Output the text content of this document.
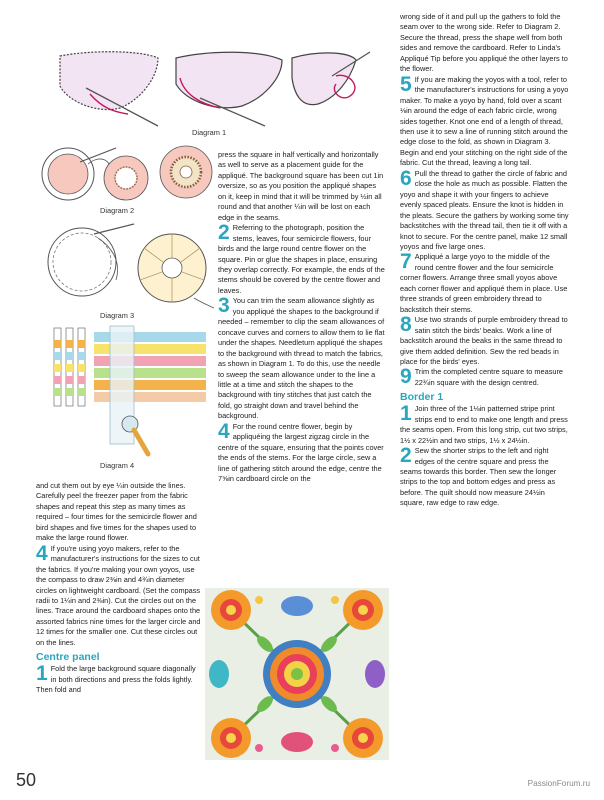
Diagram 1
Diagram 2
Diagram 3
Diagram 4

and cut them out by eye ¼in outside the lines. Carefully peel the freezer paper from the fabric shapes and repeat this step as many times as required – four times for the semicircle flower and bird shapes and five times for the shapes used to make the large round flower.

4 If you're using yoyo makers, refer to the manufacturer's instructions for the sizes to cut the fabrics. If you're making your own yoyos, use the compass to draw 2⅜in and 4¾in diameter circles on lightweight cardboard. (Set the compass radii to 1¼in and 2⅜in). Cut the circles out on the lines. Trace around the cardboard shapes onto the assorted fabrics nine times for the larger circle and 12 times for the smaller one. Cut these circles out on the lines.

Centre panel
1 Fold the large background square diagonally in both directions and press the folds lightly. Then fold and

press the square in half vertically and horizontally as well to serve as a placement guide for the appliqué. The background square has been cut 1in oversize, so as you position the appliqué shapes on it, keep in mind that it will be trimmed by ½in all round and that another ¼in will be lost on each edge in the seams.

2 Referring to the photograph, position the stems, leaves, four semicircle flowers, four birds and the large round centre flower on the square. Pin or glue the shapes in place, ensuring they overlap correctly. For example, the ends of the stems should be covered by the centre flower and leaves.

3 You can trim the seam allowance slightly as you appliqué the shapes to the background if needed – remember to clip the seam allowances of concave curves and corners to allow them to lie flat under the shapes. Needleturn appliqué the shapes to the background with thread to match the fabrics, as shown in Diagram 1. To do this, use the needle to sweep the seam allowance under to the line a little at a time and stitch the shapes to the background with tiny stitches that just catch the fold, go straight down and travel behind the background.

4 For the round centre flower, begin by appliquéing the largest zigzag circle in the centre of the square, ensuring that the points cover the ends of the stems. For the large circle, sew a line of gathering stitch around the edge, centre the 7⅝in cardboard circle on the

wrong side of it and pull up the gathers to fold the seam over to the wrong side. Refer to Diagram 2. Secure the thread, press the shape well from both sides and remove the cardboard. Refer to Linda's Appliqué Tip before you appliqué the other layers to the flower.

5 If you are making the yoyos with a tool, refer to the manufacturer's instructions for using a yoyo maker. To make a yoyo by hand, fold over a scant ⅛in around the edge of each fabric circle, wrong sides together. Knot one end of a length of thread, then use it to sew a line of running stitch around the edge close to the fold, as shown in Diagram 3. Begin and end your stitching on the right side of the fabric. Cut the thread, leaving a long tail.

6 Pull the thread to gather the circle of fabric and close the hole as much as possible. Flatten the yoyo and shape it with your fingers to achieve evenly spaced pleats. Ensure the knot is hidden in the pleats. Secure the gathers by working some tiny backstitches with the thread tail, then tie it off with a knot to secure. For the centre panel, make 12 small yoyos and five large ones.

7 Appliqué a large yoyo to the middle of the round centre flower and the four semicircle corner flowers. Arrange three small yoyos above each corner flower and appliqué them in place. Use three strands of green embroidery thread to backstitch their stems.

8 Use two strands of purple embroidery thread to satin stitch the birds' beaks. Work a line of backstitch around the beaks in the same thread to give them added definition. Sew the red beads in place for the birds' eyes.

9 Trim the completed centre square to measure 22¾in square with the design centred.

Border 1
1 Join three of the 1⅛in patterned stripe print strips end to end to make one length and press the seams open. From this long strip, cut two strips, 1½ x 22½in and two strips, 1½ x 24½in.

2 Sew the shorter strips to the left and right edges of the centre square and press the seams towards this border. Then sew the longer strips to the top and bottom edges and press as before. The quilt should now measure 24½in square, raw edge to raw edge.

50	PassionForum.ru
